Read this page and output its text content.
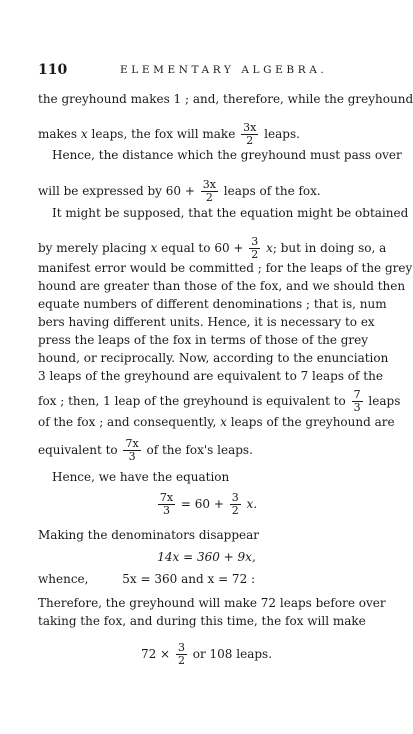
110	ELEMENTARY ALGEBRA.
the greyhound makes 1 ; and, therefore, while the greyhound
makes x leaps, the fox will make $\frac{3x}{2}$ leaps.
Hence, the distance which the greyhound must pass over
will be expressed by $60 + \frac{3x}{2}$ leaps of the fox.
It might be supposed, that the equation might be obtained
by merely placing x equal to $60 + \frac{3}{2} x$; but in doing so, a
manifest error would be committed ; for the leaps of the grey
hound are greater than those of the fox, and we should then
equate numbers of different denominations ; that is, num
bers having different units. Hence, it is necessary to ex
press the leaps of the fox in terms of those of the grey
hound, or reciprocally. Now, according to the enunciation
3 leaps of the greyhound are equivalent to 7 leaps of the
fox ; then, 1 leap of the greyhound is equivalent to $\frac{7}{3}$ leaps
of the fox ; and consequently, x leaps of the greyhound are
equivalent to $\frac{7x}{3}$ of the fox's leaps.
Hence, we have the equation
$\frac{7x}{3} = 60 + \frac{3}{2} x$.
Making the denominators disappear
14x = 360 + 9x,
whence,	5x = 360 and x = 72 :
Therefore, the greyhound will make 72 leaps before over
taking the fox, and during this time, the fox will make
$72 \times \frac{3}{2}$ or 108 leaps.
